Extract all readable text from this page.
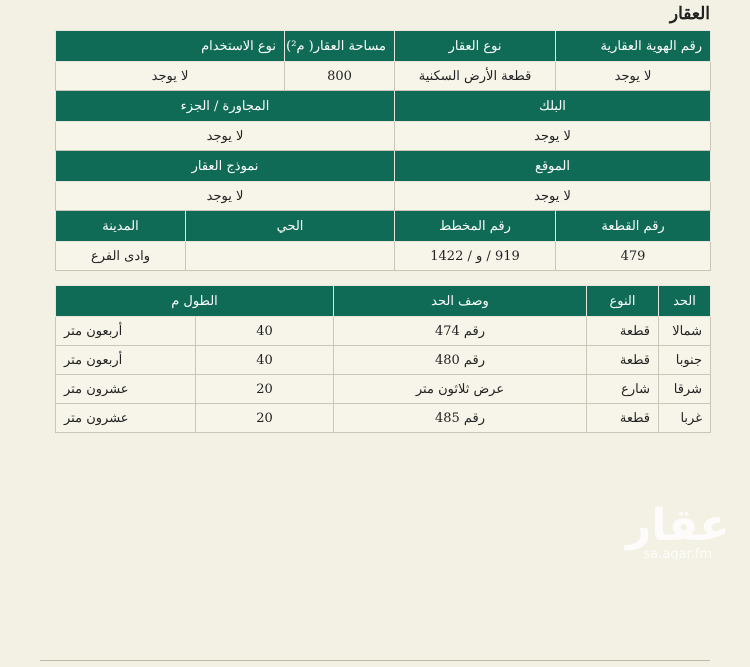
العقار
رقم الهوية العقارية	نوع العقار	مساحة العقار( م²)	نوع الاستخدام	
لا يوجد	قطعة الأرض السكنية	800	لا يوجد	
البلك		المجاورة / الجزء		
لا يوجد		لا يوجد		
الموقع		نموذج العقار		
لا يوجد		لا يوجد		
رقم القطعة	رقم المخطط	الحي		المدينة
479	919 / و / 1422			وادى الفرع
الحد	النوع	وصف الحد	الطول م	
شمالا	قطعة	رقم 474	40	أربعون متر
جنوبا	قطعة	رقم 480	40	أربعون متر
شرقا	شارع	عرض ثلاثون متر	20	عشرون متر
غربا	قطعة	رقم 485	20	عشرون متر
عقار
sa.aqar.fm
